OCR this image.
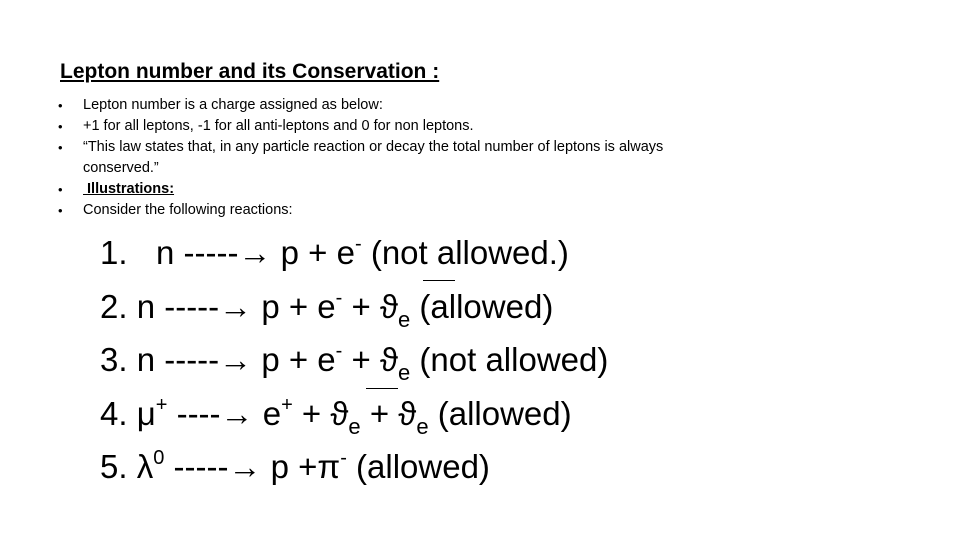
Lepton number and its Conservation :
•	Lepton number is a charge assigned as below:
•	+1 for all leptons, -1 for all anti-leptons and 0 for non leptons.
•	“This law states that, in any particle reaction or decay the total number of leptons is always
conserved.”
•	Illustrations:
•	Consider the following reactions:
1. n -----→ p + e- (not allowed.)
2. n -----→ $p + e^- + ϑ_e$ (allowed)
3. n -----→ $p + e^- + ϑ_e$ (not allowed)
4. μ+ ----→ $e^+ + ϑ_e + ϑ_e$ (allowed)
5. $\lambda^0$ -----→ p +π- (allowed)
